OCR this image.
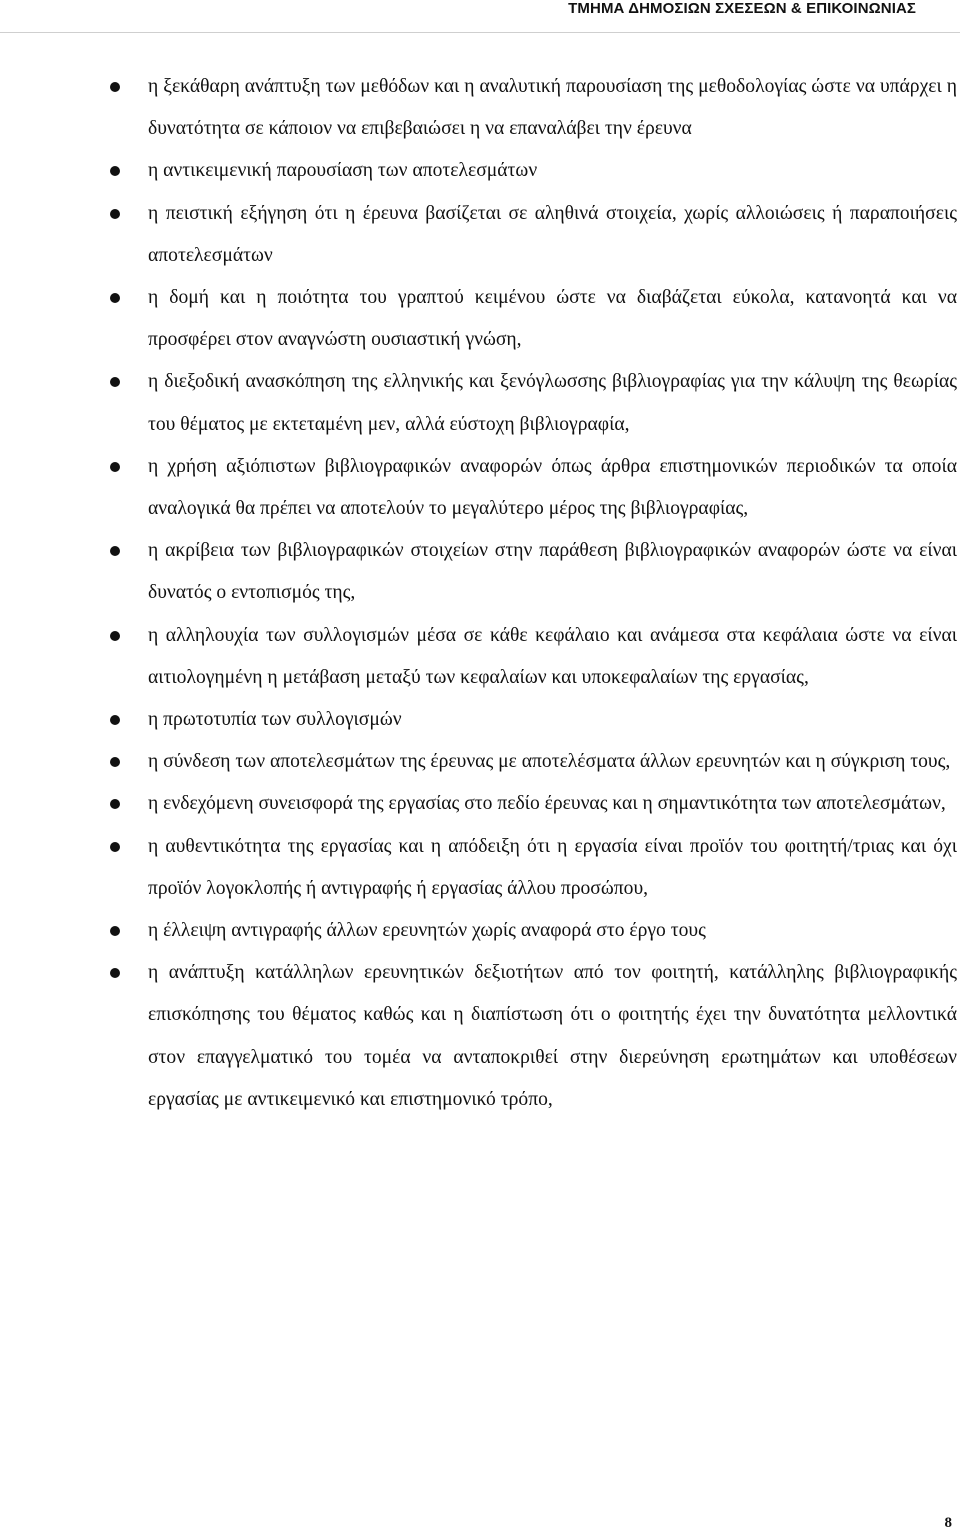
ΤΜΗΜΑ ΔΗΜΟΣΙΩΝ ΣΧΕΣΕΩΝ & ΕΠΙΚΟΙΝΩΝΙΑΣ
η ξεκάθαρη ανάπτυξη των μεθόδων και η αναλυτική παρουσίαση της μεθοδολογίας ώστε να υπάρχει η δυνατότητα σε κάποιον να επιβεβαιώσει η να επαναλάβει την έρευνα
η αντικειμενική παρουσίαση των αποτελεσμάτων
η πειστική εξήγηση ότι η έρευνα βασίζεται σε αληθινά στοιχεία, χωρίς αλλοιώσεις ή παραποιήσεις αποτελεσμάτων
η δομή και η ποιότητα του γραπτού κειμένου ώστε να διαβάζεται εύκολα, κατανοητά και να προσφέρει στον αναγνώστη ουσιαστική γνώση,
η διεξοδική ανασκόπηση της ελληνικής και ξενόγλωσσης βιβλιογραφίας για την κάλυψη της θεωρίας του θέματος με εκτεταμένη μεν, αλλά εύστοχη βιβλιογραφία,
η χρήση αξιόπιστων βιβλιογραφικών αναφορών όπως άρθρα επιστημονικών περιοδικών τα οποία αναλογικά θα πρέπει να αποτελούν το μεγαλύτερο μέρος της βιβλιογραφίας,
η ακρίβεια των βιβλιογραφικών στοιχείων στην παράθεση βιβλιογραφικών αναφορών ώστε να είναι δυνατός ο εντοπισμός της,
η αλληλουχία των συλλογισμών μέσα σε κάθε κεφάλαιο και ανάμεσα στα κεφάλαια ώστε να είναι αιτιολογημένη η μετάβαση μεταξύ των κεφαλαίων και υποκεφαλαίων της εργασίας,
η πρωτοτυπία των συλλογισμών
η σύνδεση των αποτελεσμάτων της έρευνας με αποτελέσματα άλλων ερευνητών και η σύγκριση τους,
η ενδεχόμενη συνεισφορά της εργασίας στο πεδίο έρευνας και η σημαντικότητα των αποτελεσμάτων,
η αυθεντικότητα της εργασίας και η απόδειξη ότι η εργασία είναι προϊόν του φοιτητή/τριας και όχι προϊόν λογοκλοπής ή αντιγραφής ή εργασίας άλλου προσώπου,
η έλλειψη αντιγραφής άλλων ερευνητών χωρίς αναφορά στο έργο τους
η ανάπτυξη κατάλληλων ερευνητικών δεξιοτήτων από τον φοιτητή, κατάλληλης βιβλιογραφικής επισκόπησης του θέματος καθώς και η διαπίστωση ότι ο φοιτητής έχει την δυνατότητα μελλοντικά στον επαγγελματικό του τομέα να ανταποκριθεί στην διερεύνηση ερωτημάτων και υποθέσεων εργασίας με αντικειμενικό και επιστημονικό τρόπο,
8
